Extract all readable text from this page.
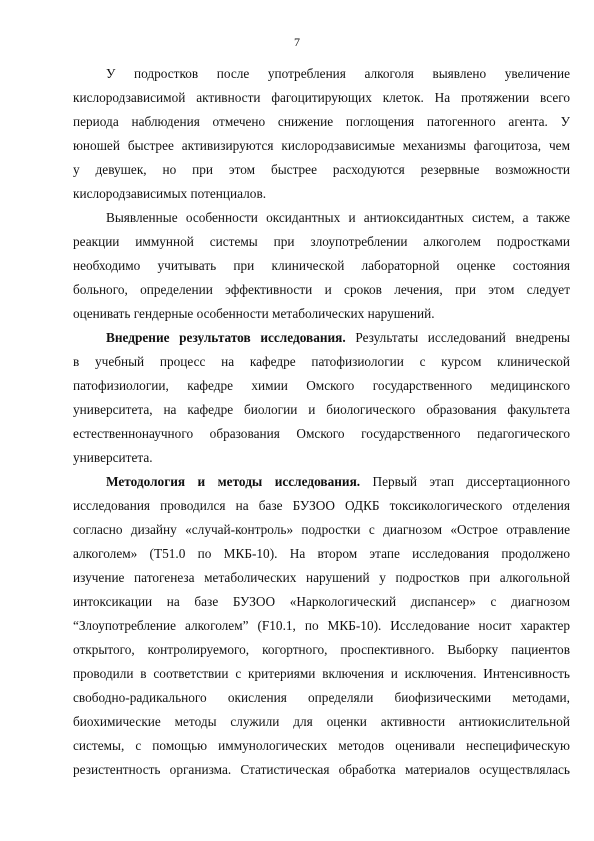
7
У подростков после употребления алкоголя выявлено увеличение
кислородзависимой активности фагоцитирующих клеток. На протяжении всего
периода наблюдения отмечено снижение поглощения патогенного агента. У
юношей быстрее активизируются кислородзависимые механизмы фагоцитоза, чем
у девушек, но при этом быстрее расходуются резервные возможности
кислородзависимых потенциалов.
Выявленные особенности оксидантных и антиоксидантных систем, а также
реакции иммунной системы при злоупотреблении алкоголем подростками
необходимо учитывать при клинической лабораторной оценке состояния
больного, определении эффективности и сроков лечения, при этом следует
оценивать гендерные особенности метаболических нарушений.
Внедрение результатов исследования. Результаты исследований внедрены
в учебный процесс на кафедре патофизиологии с курсом клинической
патофизиологии, кафедре химии Омского государственного медицинского
университета, на кафедре биологии и биологического образования факультета
естественнонаучного образования Омского государственного педагогического
университета.
Методология и методы исследования. Первый этап диссертационного
исследования проводился на базе БУЗОО ОДКБ токсикологического отделения
согласно дизайну «случай-контроль» подростки с диагнозом «Острое отравление
алкоголем» (T51.0 по МКБ-10). На втором этапе исследования продолжено
изучение патогенеза метаболических нарушений у подростков при алкогольной
интоксикации на базе БУЗОО «Наркологический диспансер» с диагнозом
“Злоупотребление алкоголем” (F10.1, по МКБ-10). Исследование носит характер
открытого, контролируемого, когортного, проспективного. Выборку пациентов
проводили в соответствии с критериями включения и исключения. Интенсивность
свободно-радикального окисления определяли биофизическими методами,
биохимические методы служили для оценки активности антиокислительной
системы, с помощью иммунологических методов оценивали неспецифическую
резистентность организма. Статистическая обработка материалов осуществлялась
